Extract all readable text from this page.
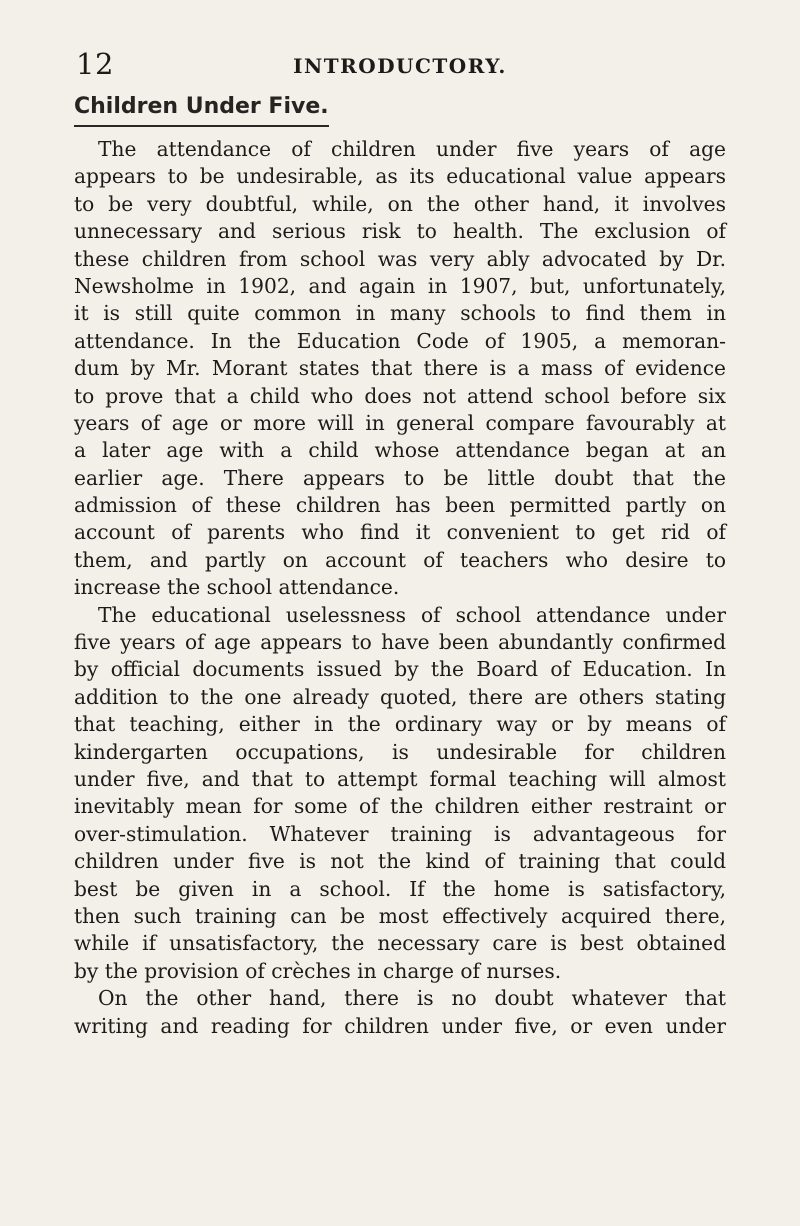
12	INTRODUCTORY.
Children Under Five.
The attendance of children under five years of age
appears to be undesirable, as its educational value appears
to be very doubtful, while, on the other hand, it involves
unnecessary and serious risk to health. The exclusion of
these children from school was very ably advocated by Dr.
Newsholme in 1902, and again in 1907, but, unfortunately,
it is still quite common in many schools to find them in
attendance. In the Education Code of 1905, a memoran-
dum by Mr. Morant states that there is a mass of evidence
to prove that a child who does not attend school before six
years of age or more will in general compare favourably at
a later age with a child whose attendance began at an
earlier age. There appears to be little doubt that the
admission of these children has been permitted partly on
account of parents who find it convenient to get rid of
them, and partly on account of teachers who desire to
increase the school attendance.
The educational uselessness of school attendance under
five years of age appears to have been abundantly confirmed
by official documents issued by the Board of Education. In
addition to the one already quoted, there are others stating
that teaching, either in the ordinary way or by means of
kindergarten occupations, is undesirable for children
under five, and that to attempt formal teaching will almost
inevitably mean for some of the children either restraint or
over-stimulation. Whatever training is advantageous for
children under five is not the kind of training that could
best be given in a school. If the home is satisfactory,
then such training can be most effectively acquired there,
while if unsatisfactory, the necessary care is best obtained
by the provision of crèches in charge of nurses.
On the other hand, there is no doubt whatever that
writing and reading for children under five, or even under
